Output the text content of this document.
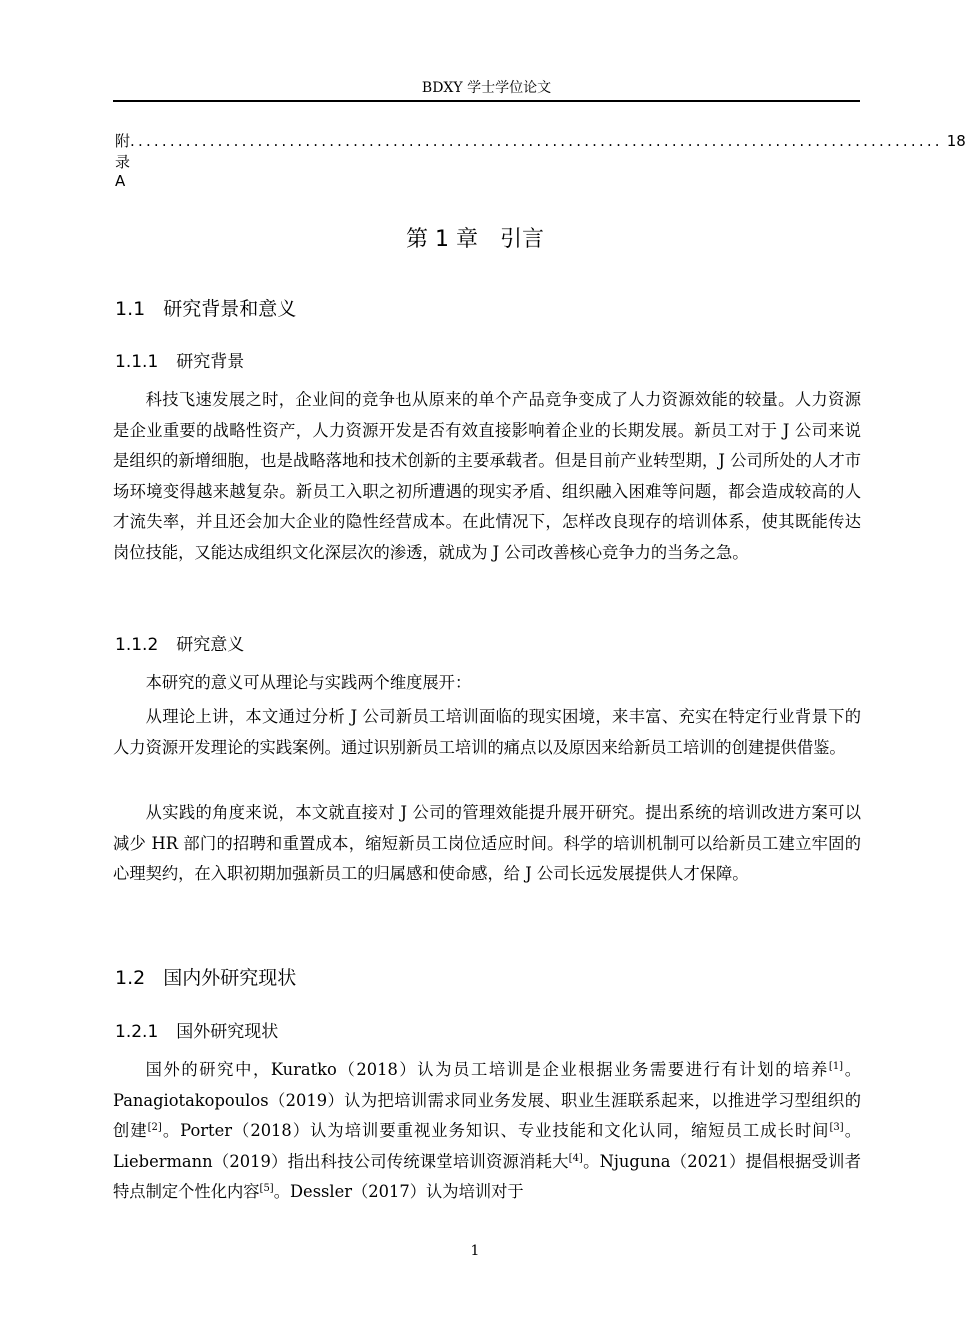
BDXY 学士学位论文
附录 A
...................................................................................................... 18
第 1 章　引言
1.1 研究背景和意义
1.1.1 研究背景

科技飞速发展之时，企业间的竞争也从原来的单个产品竞争变成了人力资源效能的较量。人力资源是企业重要的战略性资产，人力资源开发是否有效直接影响着企业的长期发展。新员工对于 J 公司来说是组织的新增细胞，也是战略落地和技术创新的主要承载者。但是目前产业转型期，J 公司所处的人才市场环境变得越来越复杂。新员工入职之初所遭遇的现实矛盾、组织融入困难等问题，都会造成较高的人才流失率，并且还会加大企业的隐性经营成本。在此情况下，怎样改良现存的培训体系，使其既能传达岗位技能，又能达成组织文化深层次的渗透，就成为 J 公司改善核心竞争力的当务之急。

1.1.2 研究意义

本研究的意义可从理论与实践两个维度展开：

从理论上讲，本文通过分析 J 公司新员工培训面临的现实困境，来丰富、充实在特定行业背景下的人力资源开发理论的实践案例。通过识别新员工培训的痛点以及原因来给新员工培训的创建提供借鉴。

从实践的角度来说，本文就直接对 J 公司的管理效能提升展开研究。提出系统的培训改进方案可以减少 HR 部门的招聘和重置成本，缩短新员工岗位适应时间。科学的培训机制可以给新员工建立牢固的心理契约，在入职初期加强新员工的归属感和使命感，给 J 公司长远发展提供人才保障。

1.2 国内外研究现状
1.2.1 国外研究现状

国外的研究中，Kuratko（2018）认为员工培训是企业根据业务需要进行有计划的培养[1]。Panagiotakopoulos（2019）认为把培训需求同业务发展、职业生涯联系起来，以推进学习型组织的创建[2]。Porter（2018）认为培训要重视业务知识、专业技能和文化认同，缩短员工成长时间[3]。Liebermann（2019）指出科技公司传统课堂培训资源消耗大[4]。Njuguna（2021）提倡根据受训者特点制定个性化内容[5]。Dessler（2017）认为培训对于

1
